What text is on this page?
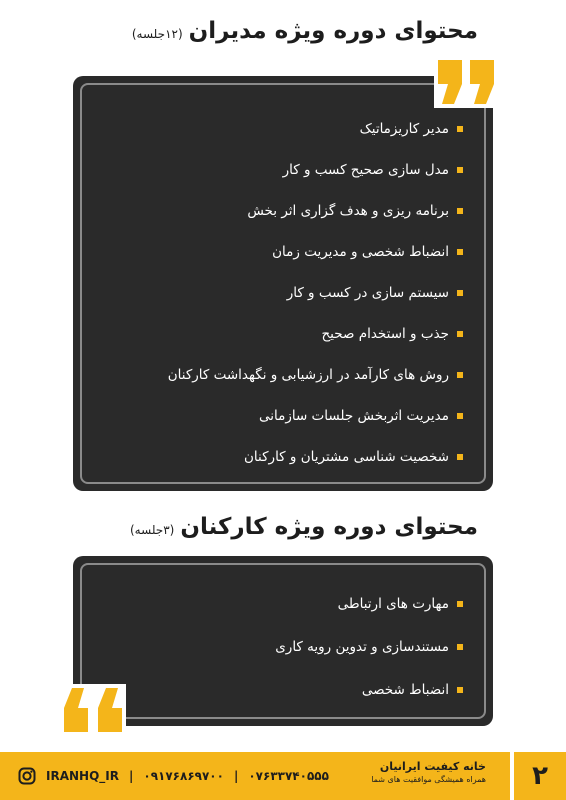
محتوای دوره ویژه مدیران
(۱۲جلسه)
مدیر کاریزماتیک
مدل سازی صحیح کسب و کار
برنامه ریزی و هدف گزاری اثر بخش
انضباط شخصی و مدیریت زمان
سیستم سازی در کسب و کار
جذب و استخدام صحیح
روش های کارآمد در ارزشیابی و نگهداشت کارکنان
مدیریت اثربخش جلسات سازمانی
شخصیت شناسی مشتریان و کارکنان
محتوای دوره ویژه کارکنان
(۳جلسه)
مهارت های ارتباطی
مستندسازی و تدوین رویه کاری
انضباط شخصی
IRANHQ_IR | ۰۹۱۷۶۸۶۹۷۰۰ | ۰۷۶۳۳۷۴۰۵۵۵
خانه کیفیت ایرانیان
همراه همیشگی موافقیت های شما ۲
